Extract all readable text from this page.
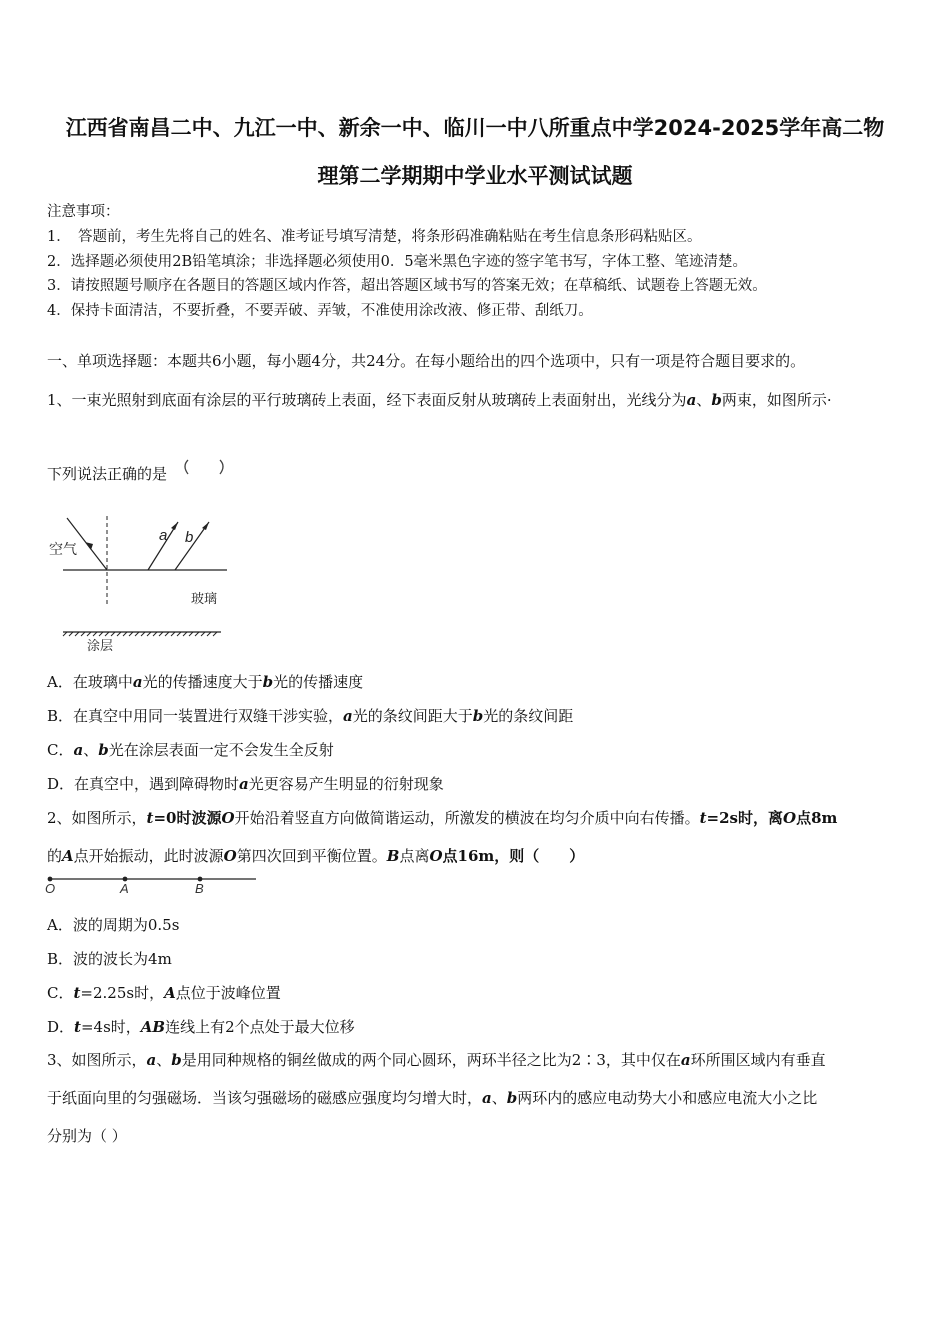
江西省南昌二中、九江一中、新余一中、临川一中八所重点中学2024-2025学年高二物
理第二学期期中学业水平测试试题
注意事项：
1．　答题前，考生先将自己的姓名、准考证号填写清楚，将条形码准确粘贴在考生信息条形码粘贴区。
2．选择题必须使用2B铅笔填涂；非选择题必须使用0．5毫米黑色字迹的签字笔书写，字体工整、笔迹清楚。
3．请按照题号顺序在各题目的答题区域内作答，超出答题区域书写的答案无效；在草稿纸、试题卷上答题无效。
4．保持卡面清洁，不要折叠，不要弄破、弄皱，不准使用涂改液、修正带、刮纸刀。
一、单项选择题：本题共6小题，每小题4分，共24分。在每小题给出的四个选项中，只有一项是符合题目要求的。
1、一束光照射到底面有涂层的平行玻璃砖上表面，经下表面反射从玻璃砖上表面射出，光线分为a、b两束，如图所示·
下列说法正确的是
空气
a b
玻璃
涂层
A．在玻璃中a光的传播速度大于b光的传播速度
B．在真空中用同一装置进行双缝干涉实验，a光的条纹间距大于b光的条纹间距
C．a、b光在涂层表面一定不会发生全反射
D．在真空中，遇到障碍物时a光更容易产生明显的衍射现象
2、如图所示，t=0时波源O开始沿着竖直方向做简谐运动，所激发的横波在均匀介质中向右传播。t=2s时，离O点8m
的A点开始振动，此时波源O第四次回到平衡位置。B点离O点16m，则（　　）
O	A	B
A．波的周期为0.5s
B．波的波长为4m
C．t=2.25s时，A点位于波峰位置
D．t=4s时，AB连线上有2个点处于最大位移
3、如图所示，a、b是用同种规格的铜丝做成的两个同心圆环，两环半径之比为2∶3，其中仅在a环所围区域内有垂直
于纸面向里的匀强磁场．当该匀强磁场的磁感应强度均匀增大时，a、b两环内的感应电动势大小和感应电流大小之比
分别为（ ）
